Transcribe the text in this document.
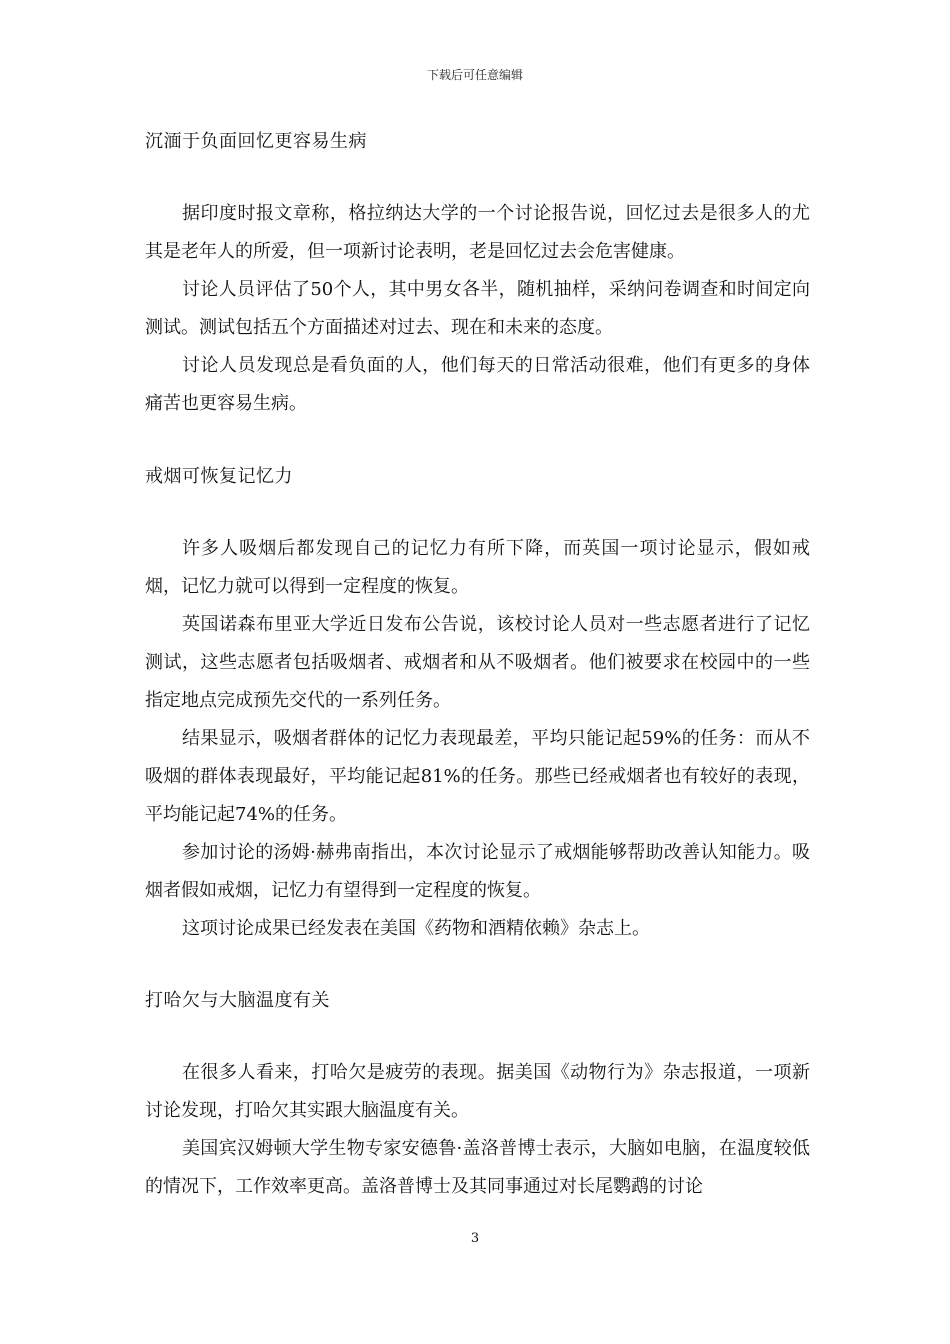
下载后可任意编辑
沉湎于负面回忆更容易生病

据印度时报文章称，格拉纳达大学的一个讨论报告说，回忆过去是很多人的尤其是老年人的所爱，但一项新讨论表明，老是回忆过去会危害健康。

讨论人员评估了50个人，其中男女各半，随机抽样，采纳问卷调查和时间定向测试。测试包括五个方面描述对过去、现在和未来的态度。

讨论人员发现总是看负面的人，他们每天的日常活动很难，他们有更多的身体痛苦也更容易生病。

戒烟可恢复记忆力

许多人吸烟后都发现自己的记忆力有所下降，而英国一项讨论显示，假如戒烟，记忆力就可以得到一定程度的恢复。

英国诺森布里亚大学近日发布公告说，该校讨论人员对一些志愿者进行了记忆测试，这些志愿者包括吸烟者、戒烟者和从不吸烟者。他们被要求在校园中的一些指定地点完成预先交代的一系列任务。

结果显示，吸烟者群体的记忆力表现最差，平均只能记起59%的任务：而从不吸烟的群体表现最好，平均能记起81%的任务。那些已经戒烟者也有较好的表现，平均能记起74%的任务。

参加讨论的汤姆·赫弗南指出，本次讨论显示了戒烟能够帮助改善认知能力。吸烟者假如戒烟，记忆力有望得到一定程度的恢复。

这项讨论成果已经发表在美国《药物和酒精依赖》杂志上。

打哈欠与大脑温度有关

在很多人看来，打哈欠是疲劳的表现。据美国《动物行为》杂志报道，一项新讨论发现，打哈欠其实跟大脑温度有关。

美国宾汉姆顿大学生物专家安德鲁·盖洛普博士表示，大脑如电脑，在温度较低的情况下，工作效率更高。盖洛普博士及其同事通过对长尾鹦鹉的讨论

3
